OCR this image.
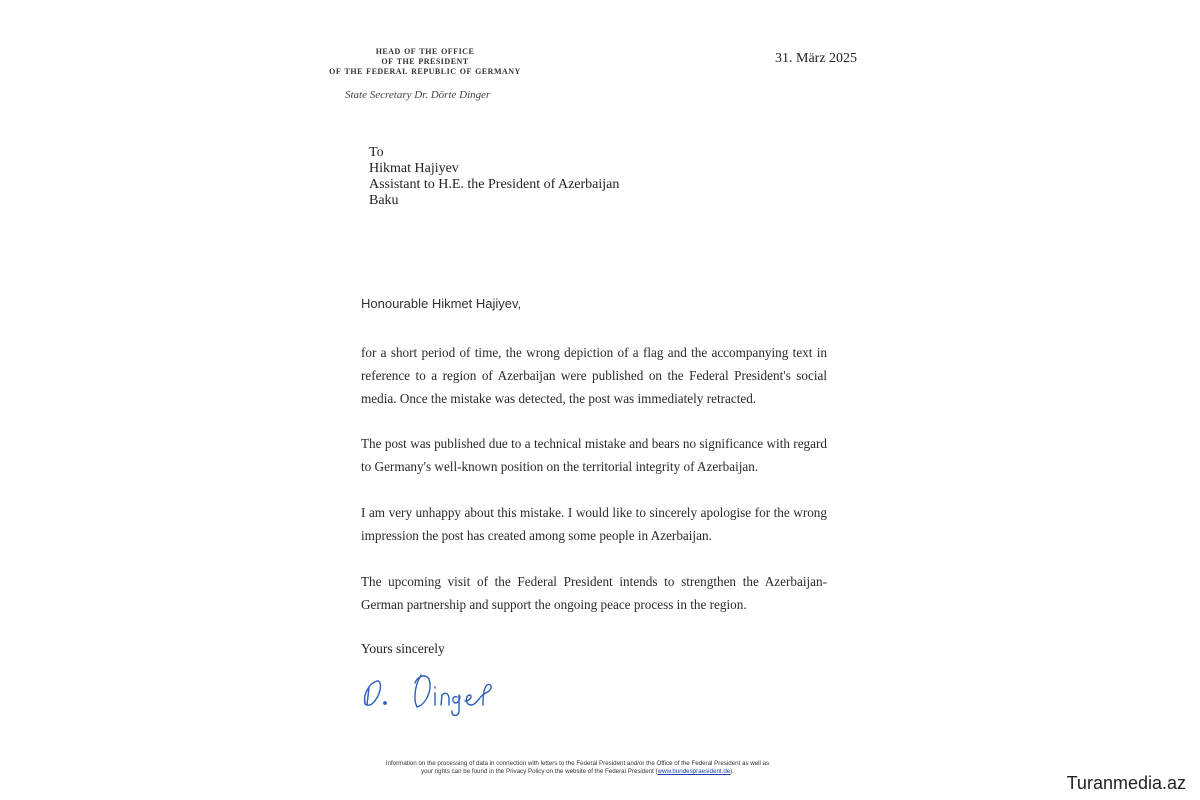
head of the office
of the president
of the federal republic of germany
State Secretary Dr. Dörte Dinger
31. März 2025
To
Hikmat Hajiyev
Assistant to H.E. the President of Azerbaijan
Baku
Honourable Hikmet Hajiyev,

for a short period of time, the wrong depiction of a flag and the accompanying text in reference to a region of Azerbaijan were published on the Federal President's social media. Once the mistake was detected, the post was immediately retracted.

The post was published due to a technical mistake and bears no significance with regard to Germany's well-known position on the territorial integrity of Azerbaijan.

I am very unhappy about this mistake. I would like to sincerely apologise for the wrong impression the post has created among some people in Azerbaijan.

The upcoming visit of the Federal President intends to strengthen the Azerbaijan-German partnership and support the ongoing peace process in the region.

Yours sincerely
Information on the processing of data in connection with letters to the Federal President and/or the Office of the Federal President as well as
your rights can be found in the Privacy Policy on the website of the Federal President (www.bundespraesident.de).
Turanmedia.az
